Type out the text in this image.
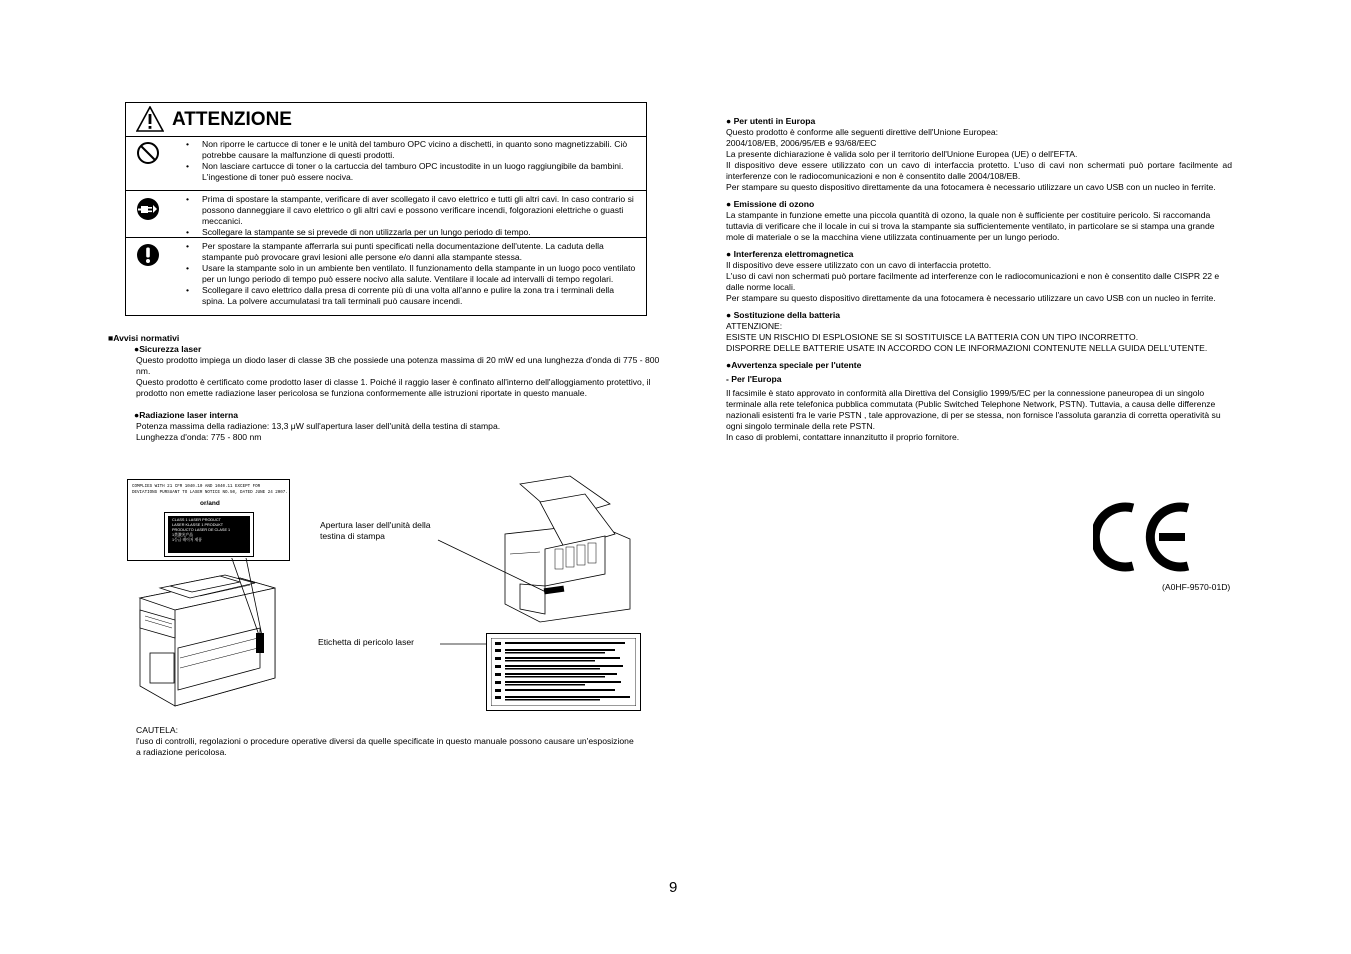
ATTENZIONE
• Non riporre le cartucce di toner e le unità del tamburo OPC vicino a dischetti, in quanto sono magnetizzabili. Ciò potrebbe causare la malfunzione di questi prodotti.
• Non lasciare cartucce di toner o la cartuccia del tamburo OPC incustodite in un luogo raggiungibile da bambini. L'ingestione di toner può essere nociva.
• Prima di spostare la stampante, verificare di aver scollegato il cavo elettrico e tutti gli altri cavi. In caso contrario si possono danneggiare il cavo elettrico o gli altri cavi e possono verificare incendi, folgorazioni elettriche o guasti meccanici.
• Scollegare la stampante se si prevede di non utilizzarla per un lungo periodo di tempo.
• Per spostare la stampante afferrarla sui punti specificati nella documentazione dell'utente. La caduta della stampante può provocare gravi lesioni alle persone e/o danni alla stampante stessa.
• Usare la stampante solo in un ambiente ben ventilato. Il funzionamento della stampante in un luogo poco ventilato per un lungo periodo di tempo può essere nocivo alla salute. Ventilare il locale ad intervalli di tempo regolari.
• Scollegare il cavo elettrico dalla presa di corrente più di una volta all'anno e pulire la zona tra i terminali della spina. La polvere accumulatasi tra tali terminali può causare incendi.
■Avvisi normativi
●Sicurezza laser

Questo prodotto impiega un diodo laser di classe 3B che possiede una potenza massima di 20 mW ed una lunghezza d'onda di 775 - 800 nm.

Questo prodotto è certificato come prodotto laser di classe 1. Poiché il raggio laser è confinato all'interno dell'alloggiamento protettivo, il prodotto non emette radiazione laser pericolosa se funziona conformemente alle istruzioni riportate in questo manuale.

●Radiazione laser interna

Potenza massima della radiazione: 13,3 μW sull'apertura laser dell'unità della testina di stampa.

Lunghezza d'onda: 775 - 800 nm

COMPLIES WITH 21 CFR 1040.10 AND 1040.11 EXCEPT FOR
DEVIATIONS PURSUANT TO LASER NOTICE NO.50, DATED JUNE 24 2007.
or/and
CLASS 1 LASER PRODUCT
LASER KLASSE 1 PRODUKT
PRODUCTO LASER DE CLASE 1
1类激光产品
1등급 레이저 제품
Apertura laser dell'unità della testina di stampa
Etichetta di pericolo laser

CAUTELA:

l'uso di controlli, regolazioni o procedure operative diversi da quelle specificate in questo manuale possono causare un'esposizione a radiazione pericolosa.

● Per utenti in Europa

Questo prodotto è conforme alle seguenti direttive dell'Unione Europea:

2004/108/EB, 2006/95/EB e 93/68/EEC

La presente dichiarazione è valida solo per il territorio dell'Unione Europea (UE) o dell'EFTA.

Il dispositivo deve essere utilizzato con un cavo di interfaccia protetto. L'uso di cavi non schermati può portare facilmente ad interferenze con le radiocomunicazioni e non è consentito dalle 2004/108/EB.

Per stampare su questo dispositivo direttamente da una fotocamera è necessario utilizzare un cavo USB con un nucleo in ferrite.

● Emissione di ozono

La stampante in funzione emette una piccola quantità di ozono, la quale non è sufficiente per costituire pericolo. Si raccomanda tuttavia di verificare che il locale in cui si trova la stampante sia sufficientemente ventilato, in particolare se si stampa una grande mole di materiale o se la macchina viene utilizzata continuamente per un lungo periodo.

● Interferenza elettromagnetica

Il dispositivo deve essere utilizzato con un cavo di interfaccia protetto.

L'uso di cavi non schermati può portare facilmente ad interferenze con le radiocomunicazioni e non è consentito dalle CISPR 22 e dalle norme locali.

Per stampare su questo dispositivo direttamente da una fotocamera è necessario utilizzare un cavo USB con un nucleo in ferrite.

● Sostituzione della batteria

ATTENZIONE:

ESISTE UN RISCHIO DI ESPLOSIONE SE SI SOSTITUISCE LA BATTERIA CON UN TIPO INCORRETTO.

DISPORRE DELLE BATTERIE USATE IN ACCORDO CON LE INFORMAZIONI CONTENUTE NELLA GUIDA DELL'UTENTE.

●Avvertenza speciale per l'utente

- Per l'Europa

Il facsimile è stato approvato in conformità alla Direttiva del Consiglio 1999/5/EC per la connessione paneuropea di un singolo terminale alla rete telefonica pubblica commutata (Public Switched Telephone Network, PSTN). Tuttavia, a causa delle differenze nazionali esistenti fra le varie PSTN , tale approvazione, di per se stessa, non fornisce l'assoluta garanzia di corretta operatività su ogni singolo terminale della rete PSTN.

In caso di problemi, contattare innanzitutto il proprio fornitore.

(A0HF-9570-01D)
9
